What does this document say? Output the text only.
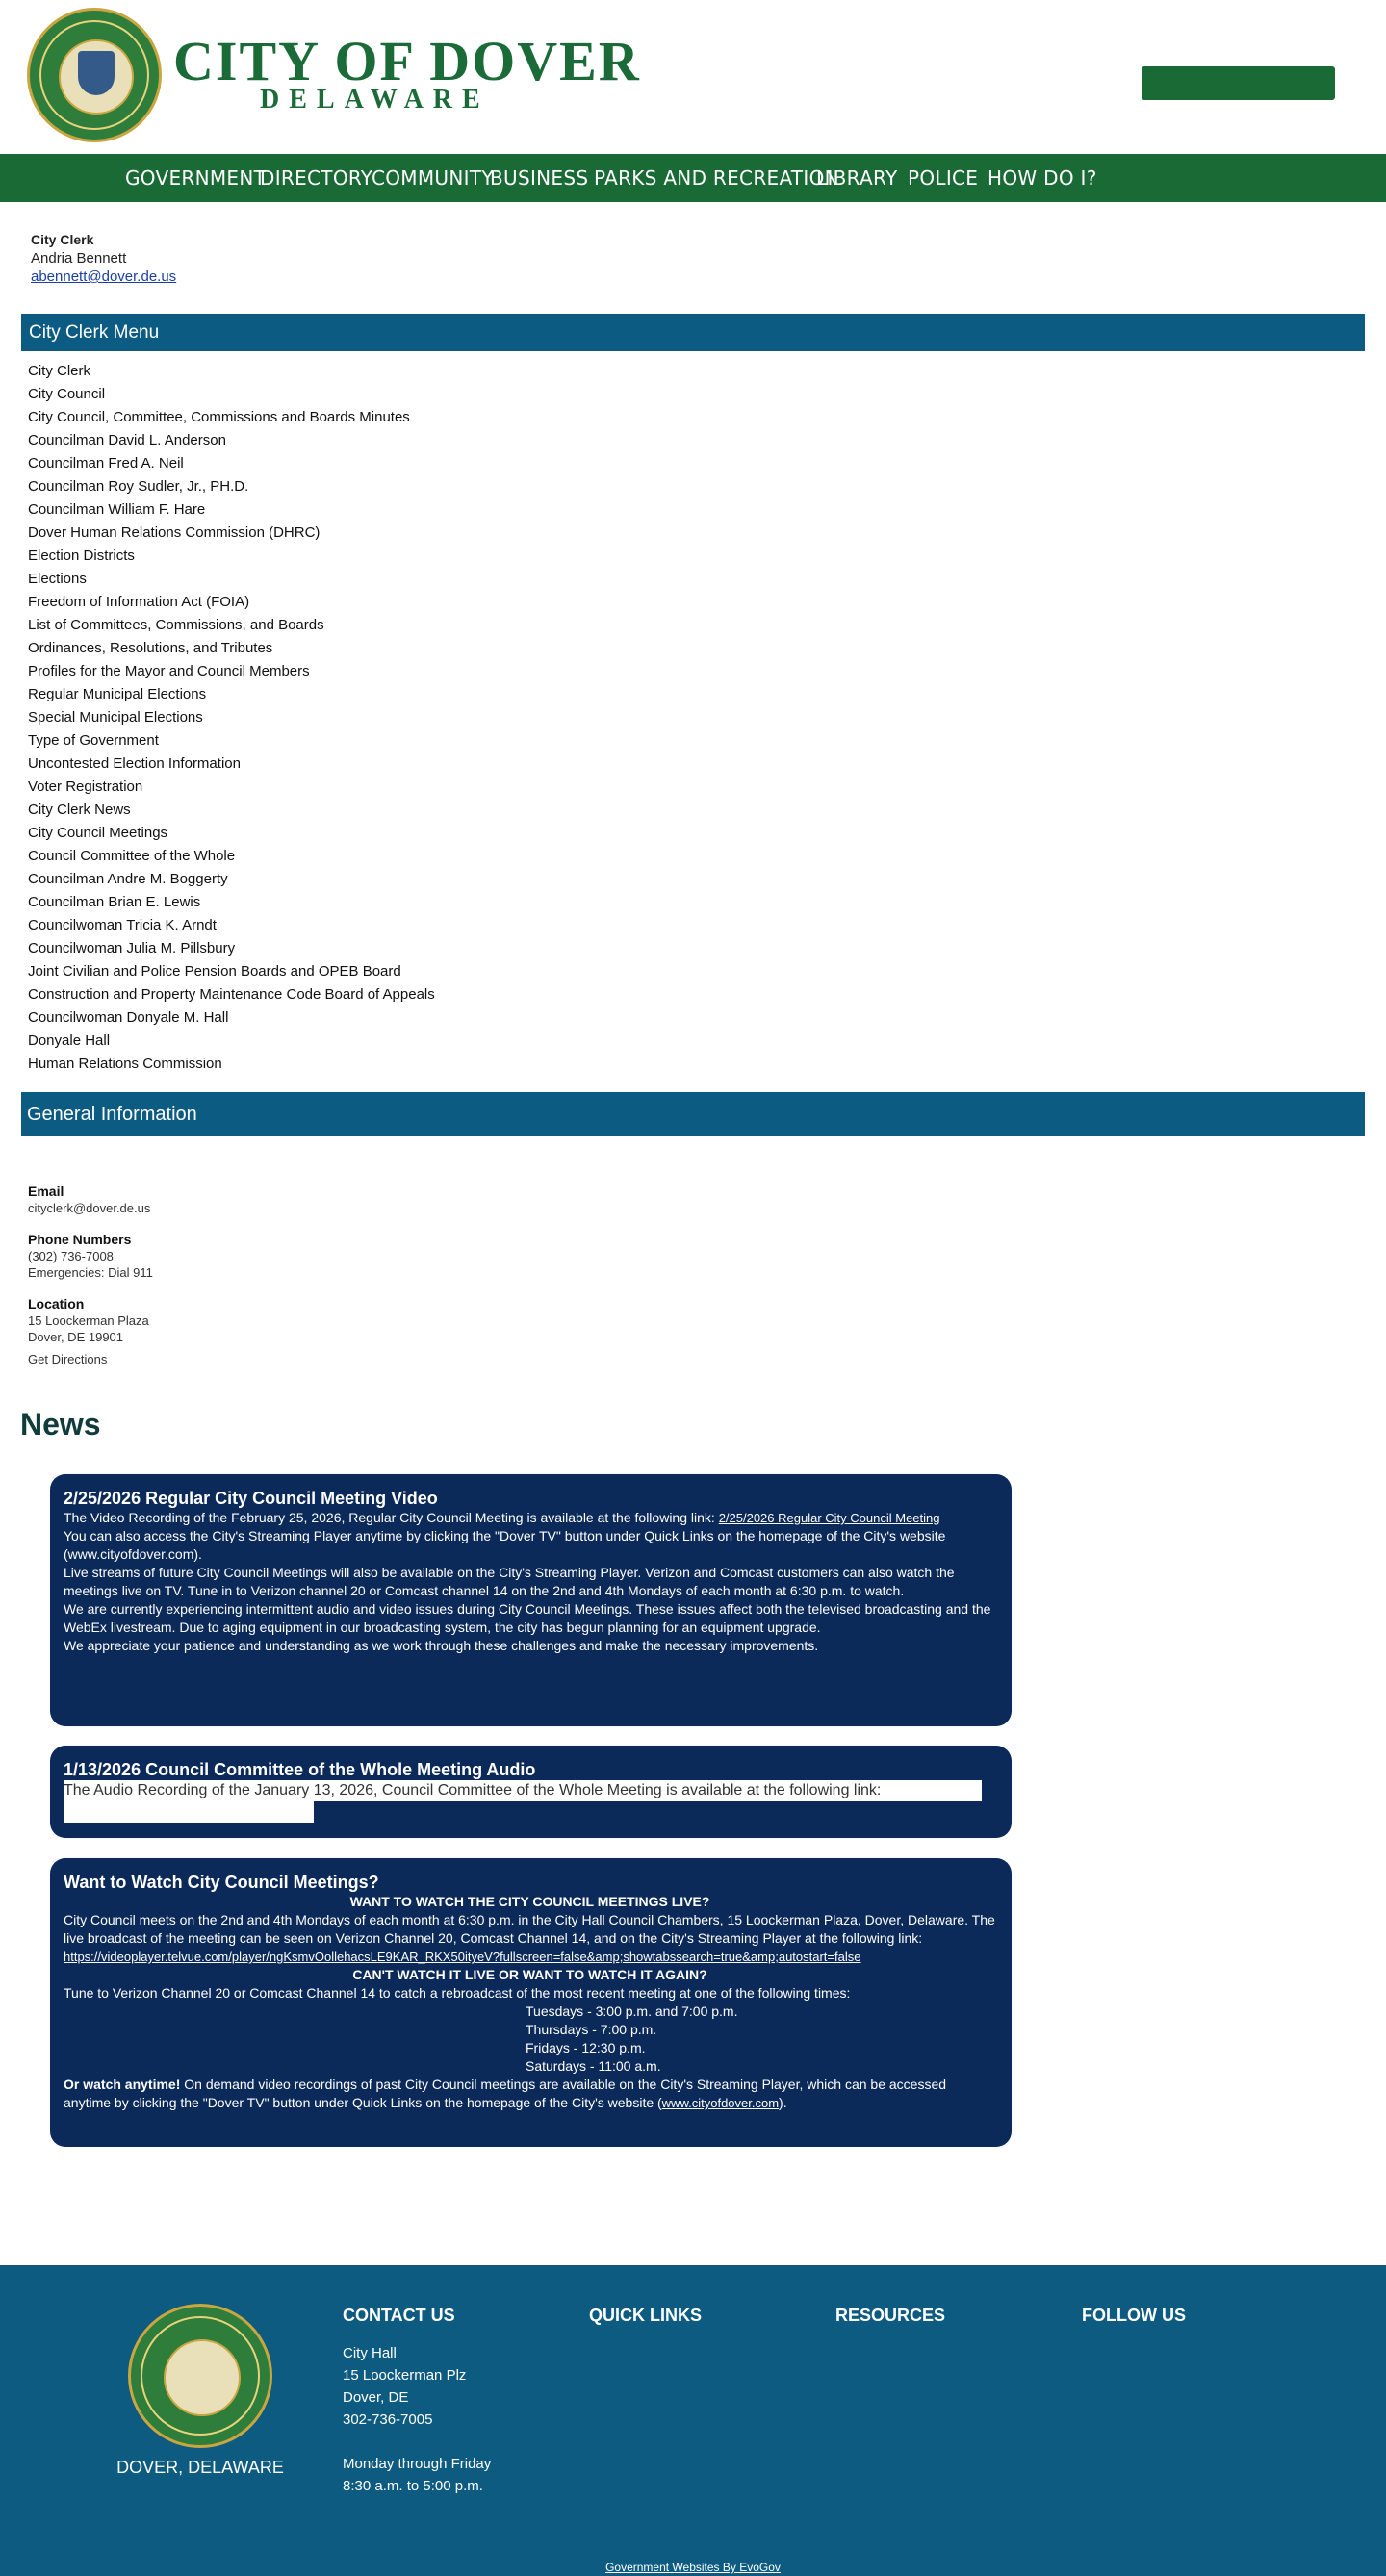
CITY OF DOVER
DELAWARE
GOVERNMENT
DIRECTORY
COMMUNITY
BUSINESS PARKS AND RECREATION
LIBRARY POLICE HOW DO I?
City Clerk
Andria Bennett
abennett@dover.de.us
City Clerk Menu
City Clerk
City Council
City Council, Committee, Commissions and Boards Minutes
Councilman David L. Anderson
Councilman Fred A. Neil
Councilman Roy Sudler, Jr., PH.D.
Councilman William F. Hare
Dover Human Relations Commission (DHRC)
Election Districts
Elections
Freedom of Information Act (FOIA)
List of Committees, Commissions, and Boards
Ordinances, Resolutions, and Tributes
Profiles for the Mayor and Council Members
Regular Municipal Elections
Special Municipal Elections
Type of Government
Uncontested Election Information
Voter Registration
City Clerk News
City Council Meetings
Council Committee of the Whole
Councilman Andre M. Boggerty
Councilman Brian E. Lewis
Councilwoman Tricia K. Arndt
Councilwoman Julia M. Pillsbury
Joint Civilian and Police Pension Boards and OPEB Board
Construction and Property Maintenance Code Board of Appeals
Councilwoman Donyale M. Hall
Donyale Hall
Human Relations Commission
General Information
Email
cityclerk@dover.de.us
Phone Numbers
(302) 736-7008
Emergencies: Dial 911
Location
15 Loockerman Plaza
Dover, DE 19901
Get Directions
News
2/25/2026 Regular City Council Meeting Video
The Video Recording of the February 25, 2026, Regular City Council Meeting is available at the following link: 2/25/2026 Regular City Council Meeting
You can also access the City's Streaming Player anytime by clicking the "Dover TV" button under Quick Links on the homepage of the City's website (www.cityofdover.com).
Live streams of future City Council Meetings will also be available on the City's Streaming Player. Verizon and Comcast customers can also watch the meetings live on TV. Tune in to Verizon channel 20 or Comcast channel 14 on the 2nd and 4th Mondays of each month at 6:30 p.m. to watch.
We are currently experiencing intermittent audio and video issues during City Council Meetings. These issues affect both the televised broadcasting and the WebEx livestream. Due to aging equipment in our broadcasting system, the city has begun planning for an equipment upgrade.
We appreciate your patience and understanding as we work through these challenges and make the necessary improvements.
1/13/2026 Council Committee of the Whole Meeting Audio
The Audio Recording of the January 13, 2026, Council Committee of the Whole Meeting is available at the following link:
Want to Watch City Council Meetings?
WANT TO WATCH THE CITY COUNCIL MEETINGS LIVE?
City Council meets on the 2nd and 4th Mondays of each month at 6:30 p.m. in the City Hall Council Chambers, 15 Loockerman Plaza, Dover, Delaware. The live broadcast of the meeting can be seen on Verizon Channel 20, Comcast Channel 14, and on the City's Streaming Player at the following link:
https://videoplayer.telvue.com/player/ngKsmvOollehacsLE9KAR_RKX50ityeV?fullscreen=false&amp;showtabssearch=true&amp;autostart=false
CAN'T WATCH IT LIVE OR WANT TO WATCH IT AGAIN?
Tune to Verizon Channel 20 or Comcast Channel 14 to catch a rebroadcast of the most recent meeting at one of the following times:
Tuesdays - 3:00 p.m. and 7:00 p.m.
Thursdays - 7:00 p.m.
Fridays - 12:30 p.m.
Saturdays - 11:00 a.m.
Or watch anytime! On demand video recordings of past City Council meetings are available on the City's Streaming Player, which can be accessed anytime by clicking the "Dover TV" button under Quick Links on the homepage of the City's website (www.cityofdover.com).
DOVER, DELAWARE
CONTACT US	QUICK LINKS	RESOURCES	FOLLOW US
City Hall
15 Loockerman Plz
Dover, DE
302-736-7005
Monday through Friday
8:30 a.m. to 5:00 p.m.
Government Websites By EvoGov
